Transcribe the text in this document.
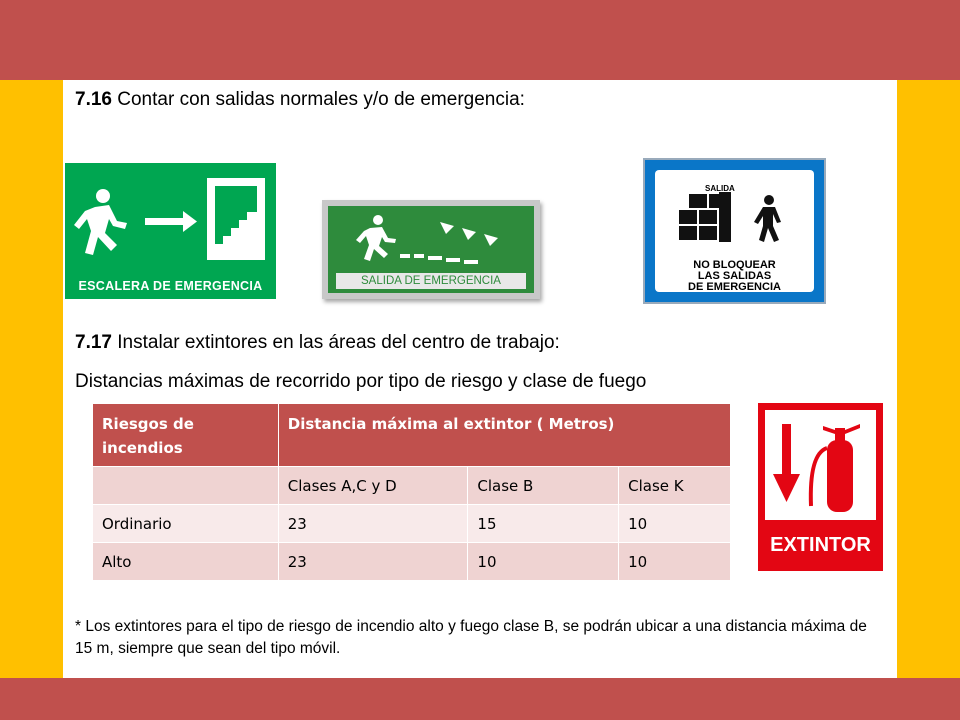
7.16 Contar con salidas normales y/o de emergencia:
ESCALERA DE EMERGENCIA	SALIDA DE EMERGENCIA
SALIDA
NO BLOQUEAR
LAS SALIDAS
DE EMERGENCIA
7.17 Instalar extintores en las áreas del centro de trabajo:
Distancias máximas de recorrido por tipo de riesgo y clase de fuego
Riesgos de incendios	Distancia máxima al extintor ( Metros)		
	Clases A,C y D	Clase B	Clase K
Ordinario	23	15	10
Alto	23	10	10
EXTINTOR
* Los extintores para el tipo de riesgo de incendio alto y fuego clase B, se podrán ubicar a una distancia máxima de 15 m, siempre que sean del tipo móvil.
